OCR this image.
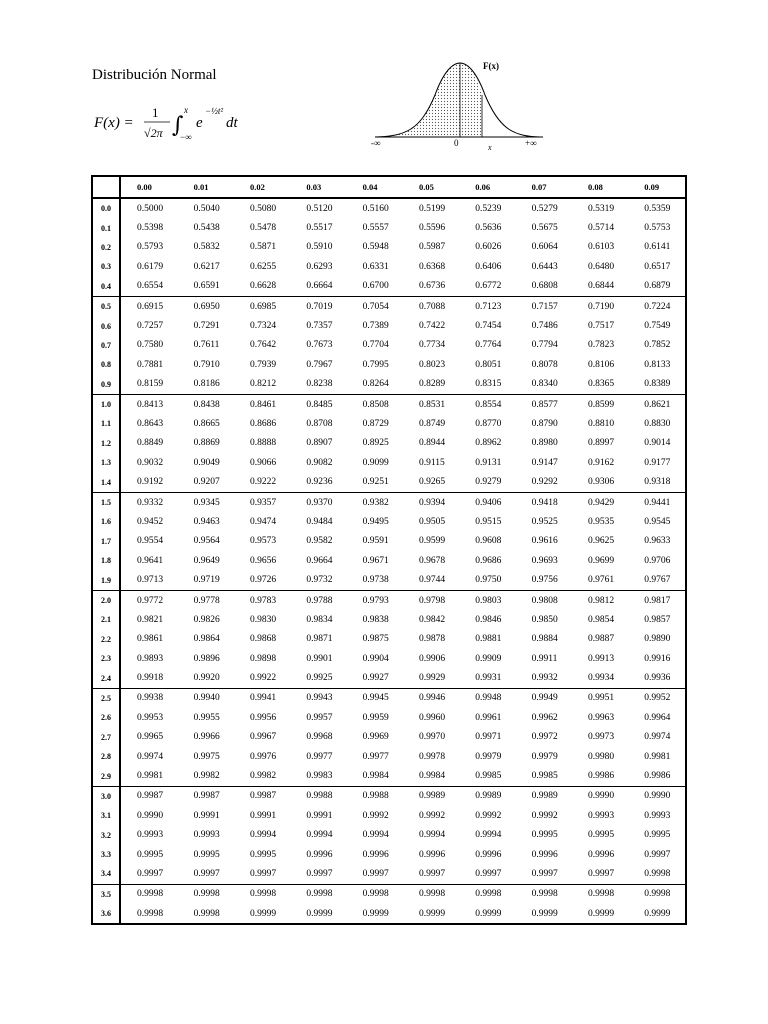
Distribución Normal
F(x) =
1
√2π ∫
x
−∞
e
−½t²
dt
F(x)
-∞	0	x	+∞
	0.00	0.01	0.02	0.03	0.04	0.05	0.06	0.07	0.08	0.09
0.0	0.5000	0.5040	0.5080	0.5120	0.5160	0.5199	0.5239	0.5279	0.5319	0.5359
0.1	0.5398	0.5438	0.5478	0.5517	0.5557	0.5596	0.5636	0.5675	0.5714	0.5753
0.2	0.5793	0.5832	0.5871	0.5910	0.5948	0.5987	0.6026	0.6064	0.6103	0.6141
0.3	0.6179	0.6217	0.6255	0.6293	0.6331	0.6368	0.6406	0.6443	0.6480	0.6517
0.4	0.6554	0.6591	0.6628	0.6664	0.6700	0.6736	0.6772	0.6808	0.6844	0.6879
0.5	0.6915	0.6950	0.6985	0.7019	0.7054	0.7088	0.7123	0.7157	0.7190	0.7224
0.6	0.7257	0.7291	0.7324	0.7357	0.7389	0.7422	0.7454	0.7486	0.7517	0.7549
0.7	0.7580	0.7611	0.7642	0.7673	0.7704	0.7734	0.7764	0.7794	0.7823	0.7852
0.8	0.7881	0.7910	0.7939	0.7967	0.7995	0.8023	0.8051	0.8078	0.8106	0.8133
0.9	0.8159	0.8186	0.8212	0.8238	0.8264	0.8289	0.8315	0.8340	0.8365	0.8389
1.0	0.8413	0.8438	0.8461	0.8485	0.8508	0.8531	0.8554	0.8577	0.8599	0.8621
1.1	0.8643	0.8665	0.8686	0.8708	0.8729	0.8749	0.8770	0.8790	0.8810	0.8830
1.2	0.8849	0.8869	0.8888	0.8907	0.8925	0.8944	0.8962	0.8980	0.8997	0.9014
1.3	0.9032	0.9049	0.9066	0.9082	0.9099	0.9115	0.9131	0.9147	0.9162	0.9177
1.4	0.9192	0.9207	0.9222	0.9236	0.9251	0.9265	0.9279	0.9292	0.9306	0.9318
1.5	0.9332	0.9345	0.9357	0.9370	0.9382	0.9394	0.9406	0.9418	0.9429	0.9441
1.6	0.9452	0.9463	0.9474	0.9484	0.9495	0.9505	0.9515	0.9525	0.9535	0.9545
1.7	0.9554	0.9564	0.9573	0.9582	0.9591	0.9599	0.9608	0.9616	0.9625	0.9633
1.8	0.9641	0.9649	0.9656	0.9664	0.9671	0.9678	0.9686	0.9693	0.9699	0.9706
1.9	0.9713	0.9719	0.9726	0.9732	0.9738	0.9744	0.9750	0.9756	0.9761	0.9767
2.0	0.9772	0.9778	0.9783	0.9788	0.9793	0.9798	0.9803	0.9808	0.9812	0.9817
2.1	0.9821	0.9826	0.9830	0.9834	0.9838	0.9842	0.9846	0.9850	0.9854	0.9857
2.2	0.9861	0.9864	0.9868	0.9871	0.9875	0.9878	0.9881	0.9884	0.9887	0.9890
2.3	0.9893	0.9896	0.9898	0.9901	0.9904	0.9906	0.9909	0.9911	0.9913	0.9916
2.4	0.9918	0.9920	0.9922	0.9925	0.9927	0.9929	0.9931	0.9932	0.9934	0.9936
2.5	0.9938	0.9940	0.9941	0.9943	0.9945	0.9946	0.9948	0.9949	0.9951	0.9952
2.6	0.9953	0.9955	0.9956	0.9957	0.9959	0.9960	0.9961	0.9962	0.9963	0.9964
2.7	0.9965	0.9966	0.9967	0.9968	0.9969	0.9970	0.9971	0.9972	0.9973	0.9974
2.8	0.9974	0.9975	0.9976	0.9977	0.9977	0.9978	0.9979	0.9979	0.9980	0.9981
2.9	0.9981	0.9982	0.9982	0.9983	0.9984	0.9984	0.9985	0.9985	0.9986	0.9986
3.0	0.9987	0.9987	0.9987	0.9988	0.9988	0.9989	0.9989	0.9989	0.9990	0.9990
3.1	0.9990	0.9991	0.9991	0.9991	0.9992	0.9992	0.9992	0.9992	0.9993	0.9993
3.2	0.9993	0.9993	0.9994	0.9994	0.9994	0.9994	0.9994	0.9995	0.9995	0.9995
3.3	0.9995	0.9995	0.9995	0.9996	0.9996	0.9996	0.9996	0.9996	0.9996	0.9997
3.4	0.9997	0.9997	0.9997	0.9997	0.9997	0.9997	0.9997	0.9997	0.9997	0.9998
3.5	0.9998	0.9998	0.9998	0.9998	0.9998	0.9998	0.9998	0.9998	0.9998	0.9998
3.6	0.9998	0.9998	0.9999	0.9999	0.9999	0.9999	0.9999	0.9999	0.9999	0.9999
